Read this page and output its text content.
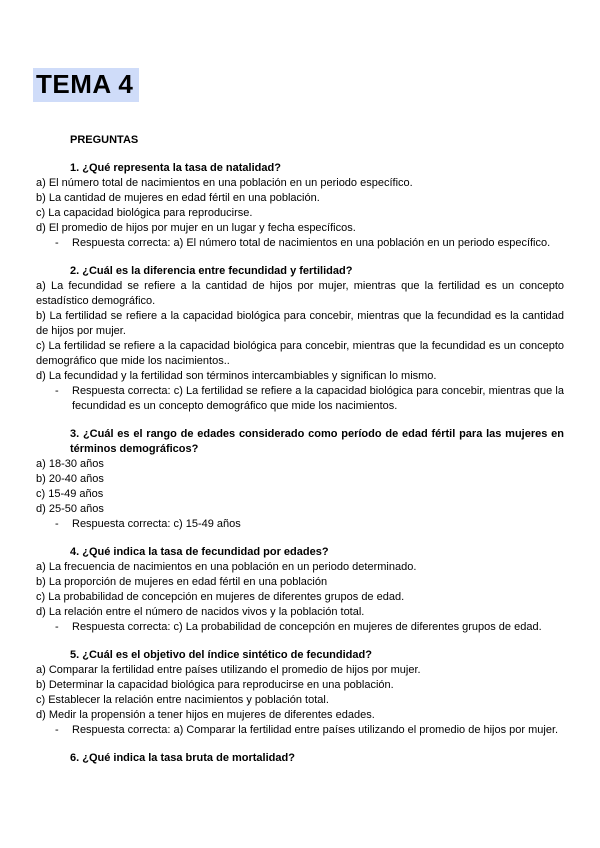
TEMA 4
PREGUNTAS
1. ¿Qué representa la tasa de natalidad?

a) El número total de nacimientos en una población en un periodo específico.

b) La cantidad de mujeres en edad fértil en una población.

c) La capacidad biológica para reproducirse.

d) El promedio de hijos por mujer en un lugar y fecha específicos.

-	Respuesta correcta: a) El número total de nacimientos en una población en un periodo específico.

2. ¿Cuál es la diferencia entre fecundidad y fertilidad?

a) La fecundidad se refiere a la cantidad de hijos por mujer, mientras que la fertilidad es un concepto estadístico demográfico.

b) La fertilidad se refiere a la capacidad biológica para concebir, mientras que la fecundidad es la cantidad de hijos por mujer.

c) La fertilidad se refiere a la capacidad biológica para concebir, mientras que la fecundidad es un concepto demográfico que mide los nacimientos..

d) La fecundidad y la fertilidad son términos intercambiables y significan lo mismo.

-	Respuesta correcta: c) La fertilidad se refiere a la capacidad biológica para concebir, mientras que la fecundidad es un concepto demográfico que mide los nacimientos.

3. ¿Cuál es el rango de edades considerado como período de edad fértil para las mujeres en términos demográficos?

a) 18-30 años

b) 20-40 años

c) 15-49 años

d) 25-50 años

-	Respuesta correcta: c) 15-49 años

4. ¿Qué indica la tasa de fecundidad por edades?

a) La frecuencia de nacimientos en una población en un periodo determinado.

b) La proporción de mujeres en edad fértil en una población

c) La probabilidad de concepción en mujeres de diferentes grupos de edad.

d) La relación entre el número de nacidos vivos y la población total.

-	Respuesta correcta: c) La probabilidad de concepción en mujeres de diferentes grupos de edad.

5. ¿Cuál es el objetivo del índice sintético de fecundidad?

a) Comparar la fertilidad entre países utilizando el promedio de hijos por mujer.

b) Determinar la capacidad biológica para reproducirse en una población.

c) Establecer la relación entre nacimientos y población total.

d) Medir la propensión a tener hijos en mujeres de diferentes edades.

-	Respuesta correcta: a) Comparar la fertilidad entre países utilizando el promedio de hijos por mujer.

6. ¿Qué indica la tasa bruta de mortalidad?
